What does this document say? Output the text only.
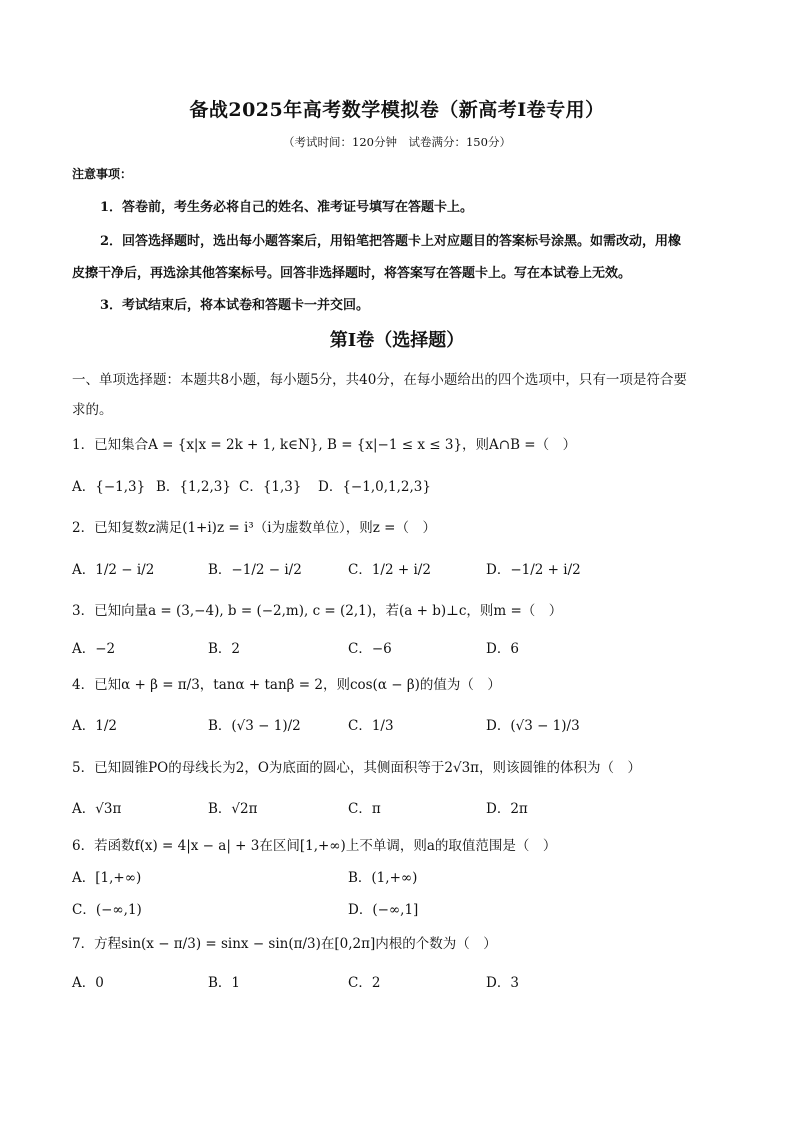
备战2025年高考数学模拟卷（新高考Ⅰ卷专用）
（考试时间：120分钟　试卷满分：150分）
注意事项：
1．答卷前，考生务必将自己的姓名、准考证号填写在答题卡上。
2．回答选择题时，选出每小题答案后，用铅笔把答题卡上对应题目的答案标号涂黑。如需改动，用橡
皮擦干净后，再选涂其他答案标号。回答非选择题时，将答案写在答题卡上。写在本试卷上无效。
3．考试结束后，将本试卷和答题卡一并交回。
第Ⅰ卷（选择题）
一、单项选择题：本题共8小题，每小题5分，共40分，在每小题给出的四个选项中，只有一项是符合要
求的。
1．已知集合A = {x|x = 2k + 1, k∈N}, B = {x|−1 ≤ x ≤ 3}，则A∩B =（　）
A．{−1,3} B．{1,2,3} C．{1,3} D．{−1,0,1,2,3}
2．已知复数z满足(1+i)z = i³（i为虚数单位），则z =（　）
A．1/2 − i/2	B．−1/2 − i/2	C．1/2 + i/2	D．−1/2 + i/2
3．已知向量a = (3,−4), b = (−2,m), c = (2,1)，若(a + b)⊥c，则m =（　）
A．−2	B．2	C．−6	D．6
4．已知α + β = π/3，tanα + tanβ = 2，则cos(α − β)的值为（　）
A．1/2	B．(√3 − 1)/2	C．1/3	D．(√3 − 1)/3
5．已知圆锥PO的母线长为2，O为底面的圆心，其侧面积等于2√3π，则该圆锥的体积为（　）
A．√3π	B．√2π	C．π	D．2π
6．若函数f(x) = 4|x − a| + 3在区间[1,+∞)上不单调，则a的取值范围是（　）
A．[1,+∞)	B．(1,+∞)
C．(−∞,1)	D．(−∞,1]
7．方程sin(x − π/3) = sinx − sin(π/3)在[0,2π]内根的个数为（　）
A．0	B．1	C．2	D．3
